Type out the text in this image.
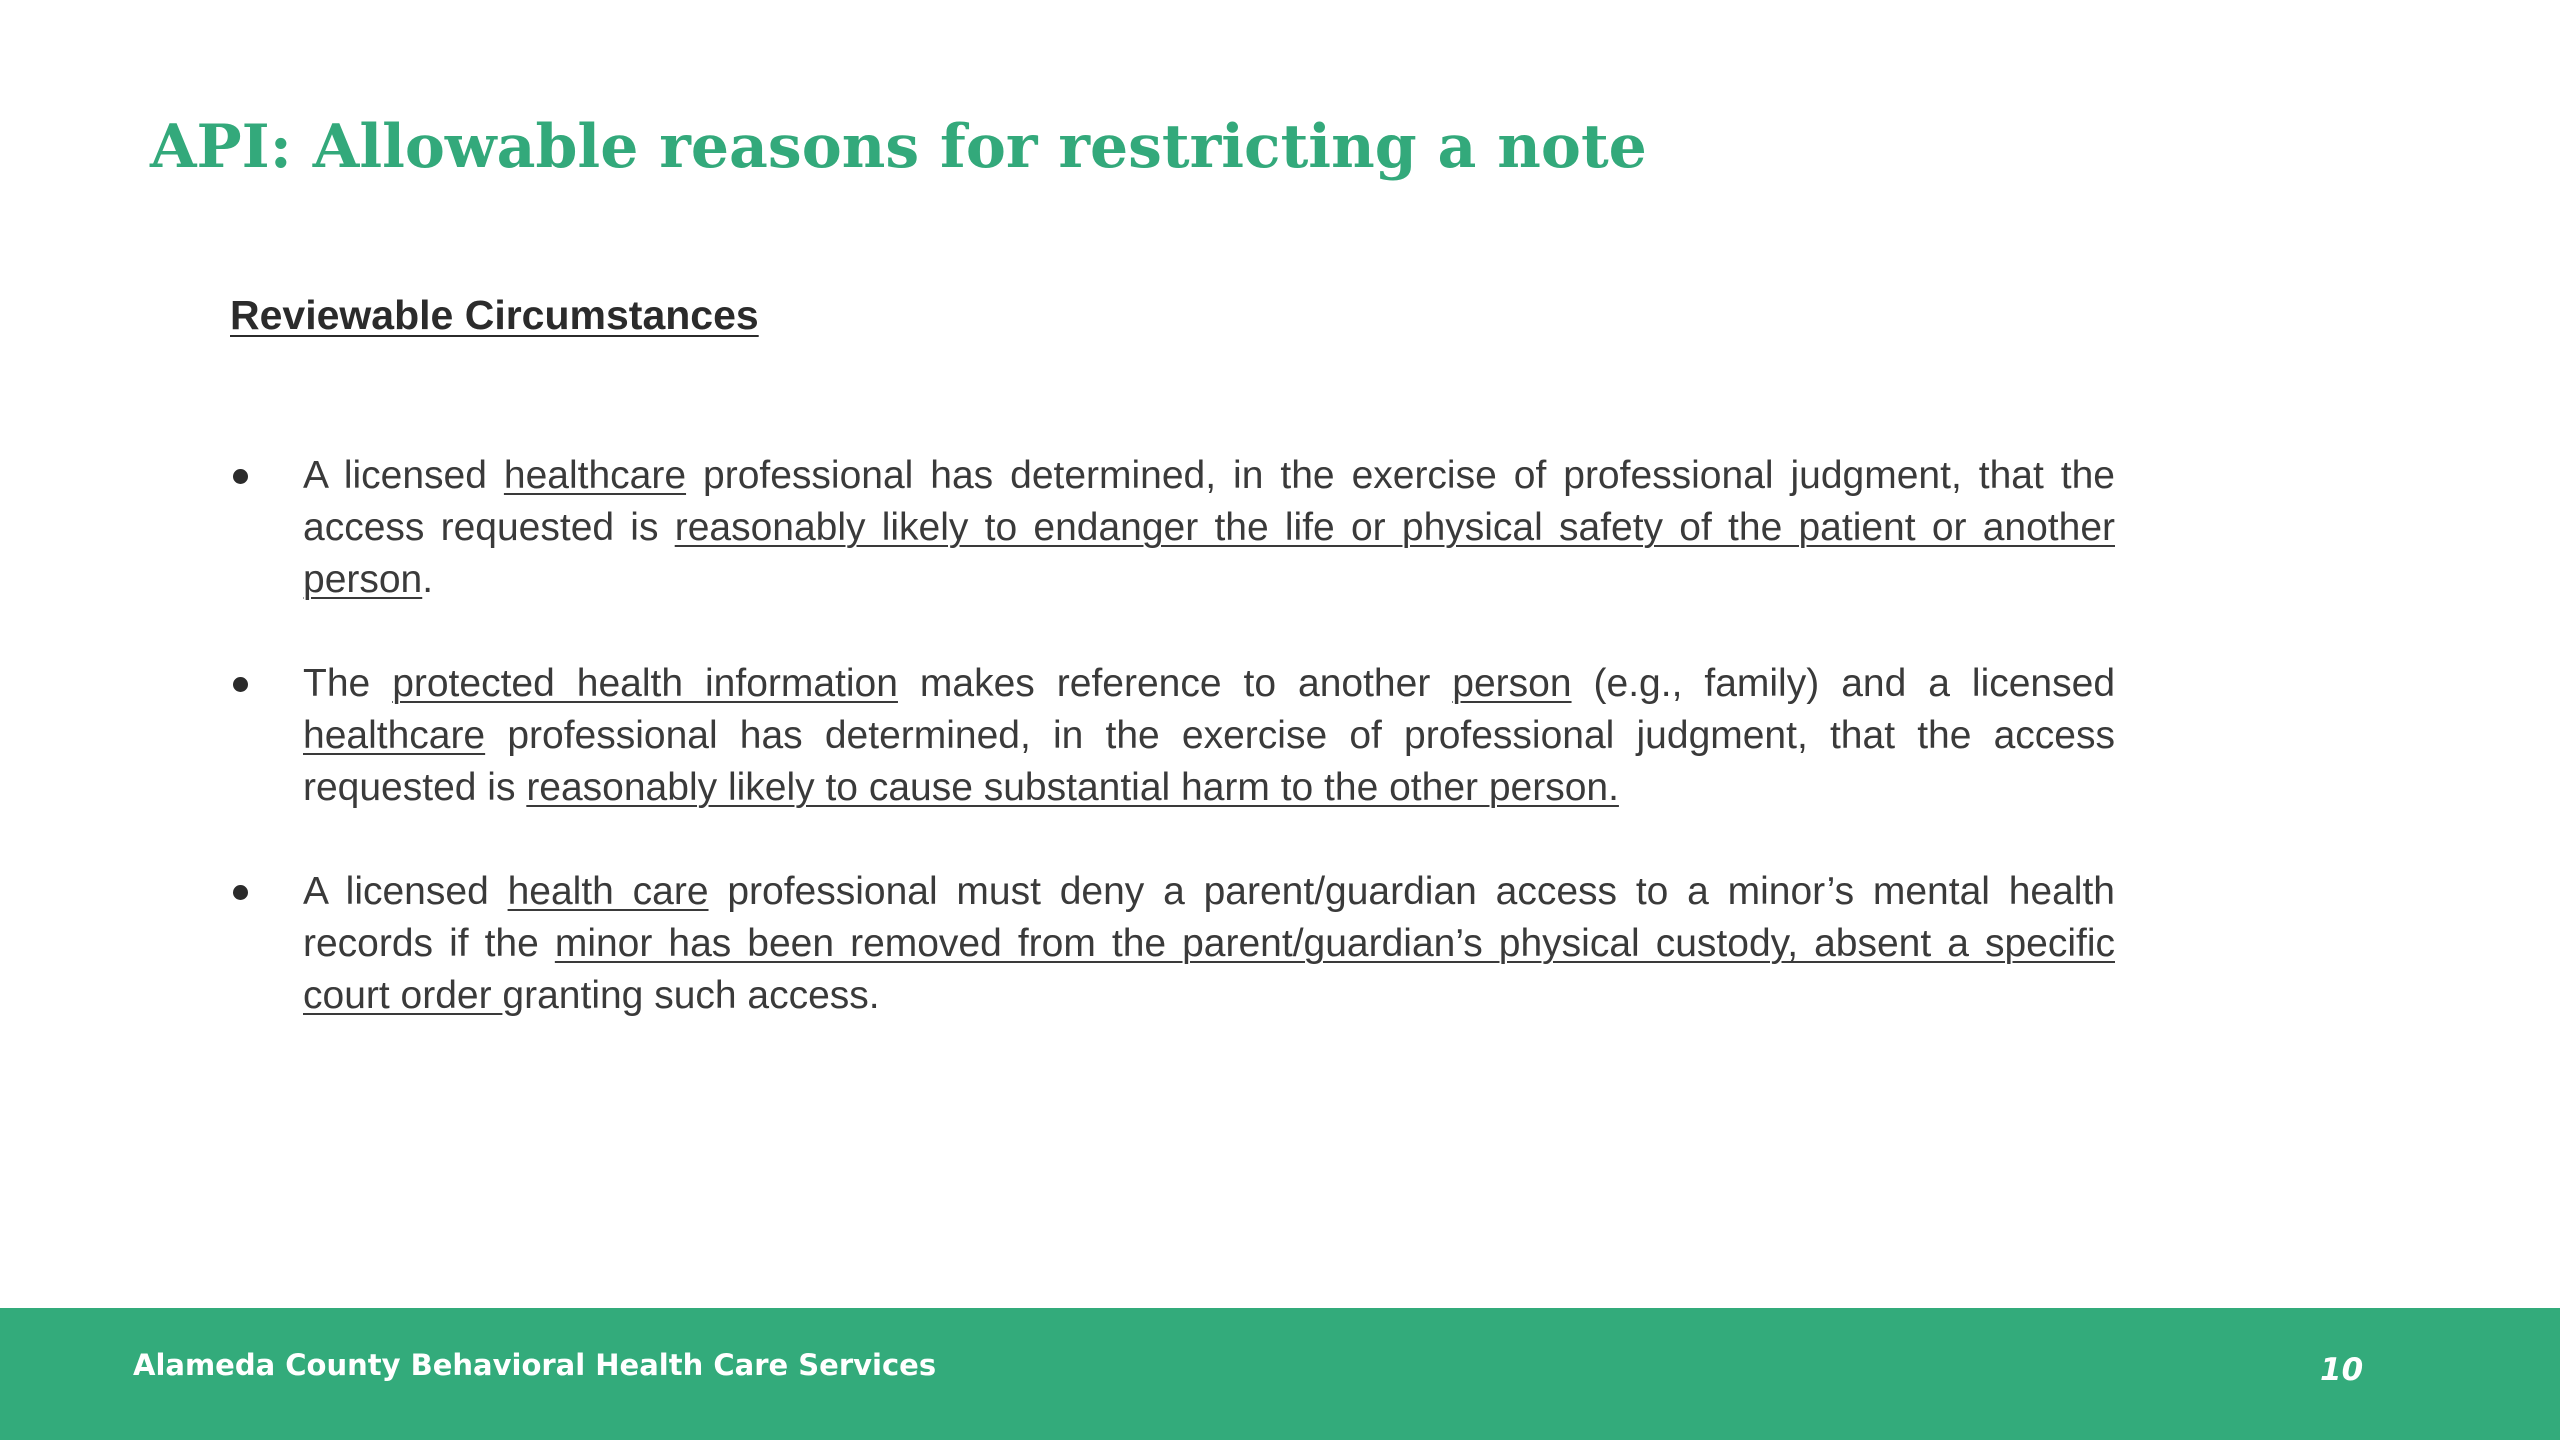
API: Allowable reasons for restricting a note
Reviewable Circumstances
A licensed healthcare professional has determined, in the exercise of professional judgment, that the access requested is reasonably likely to endanger the life or physical safety of the patient or another person.
The protected health information makes reference to another person (e.g., family) and a licensed healthcare professional has determined, in the exercise of professional judgment, that the access requested is reasonably likely to cause substantial harm to the other person.
A licensed health care professional must deny a parent/guardian access to a minor’s mental health records if the minor has been removed from the parent/guardian’s physical custody, absent a specific court order granting such access.
Alameda County Behavioral Health Care Services	10
